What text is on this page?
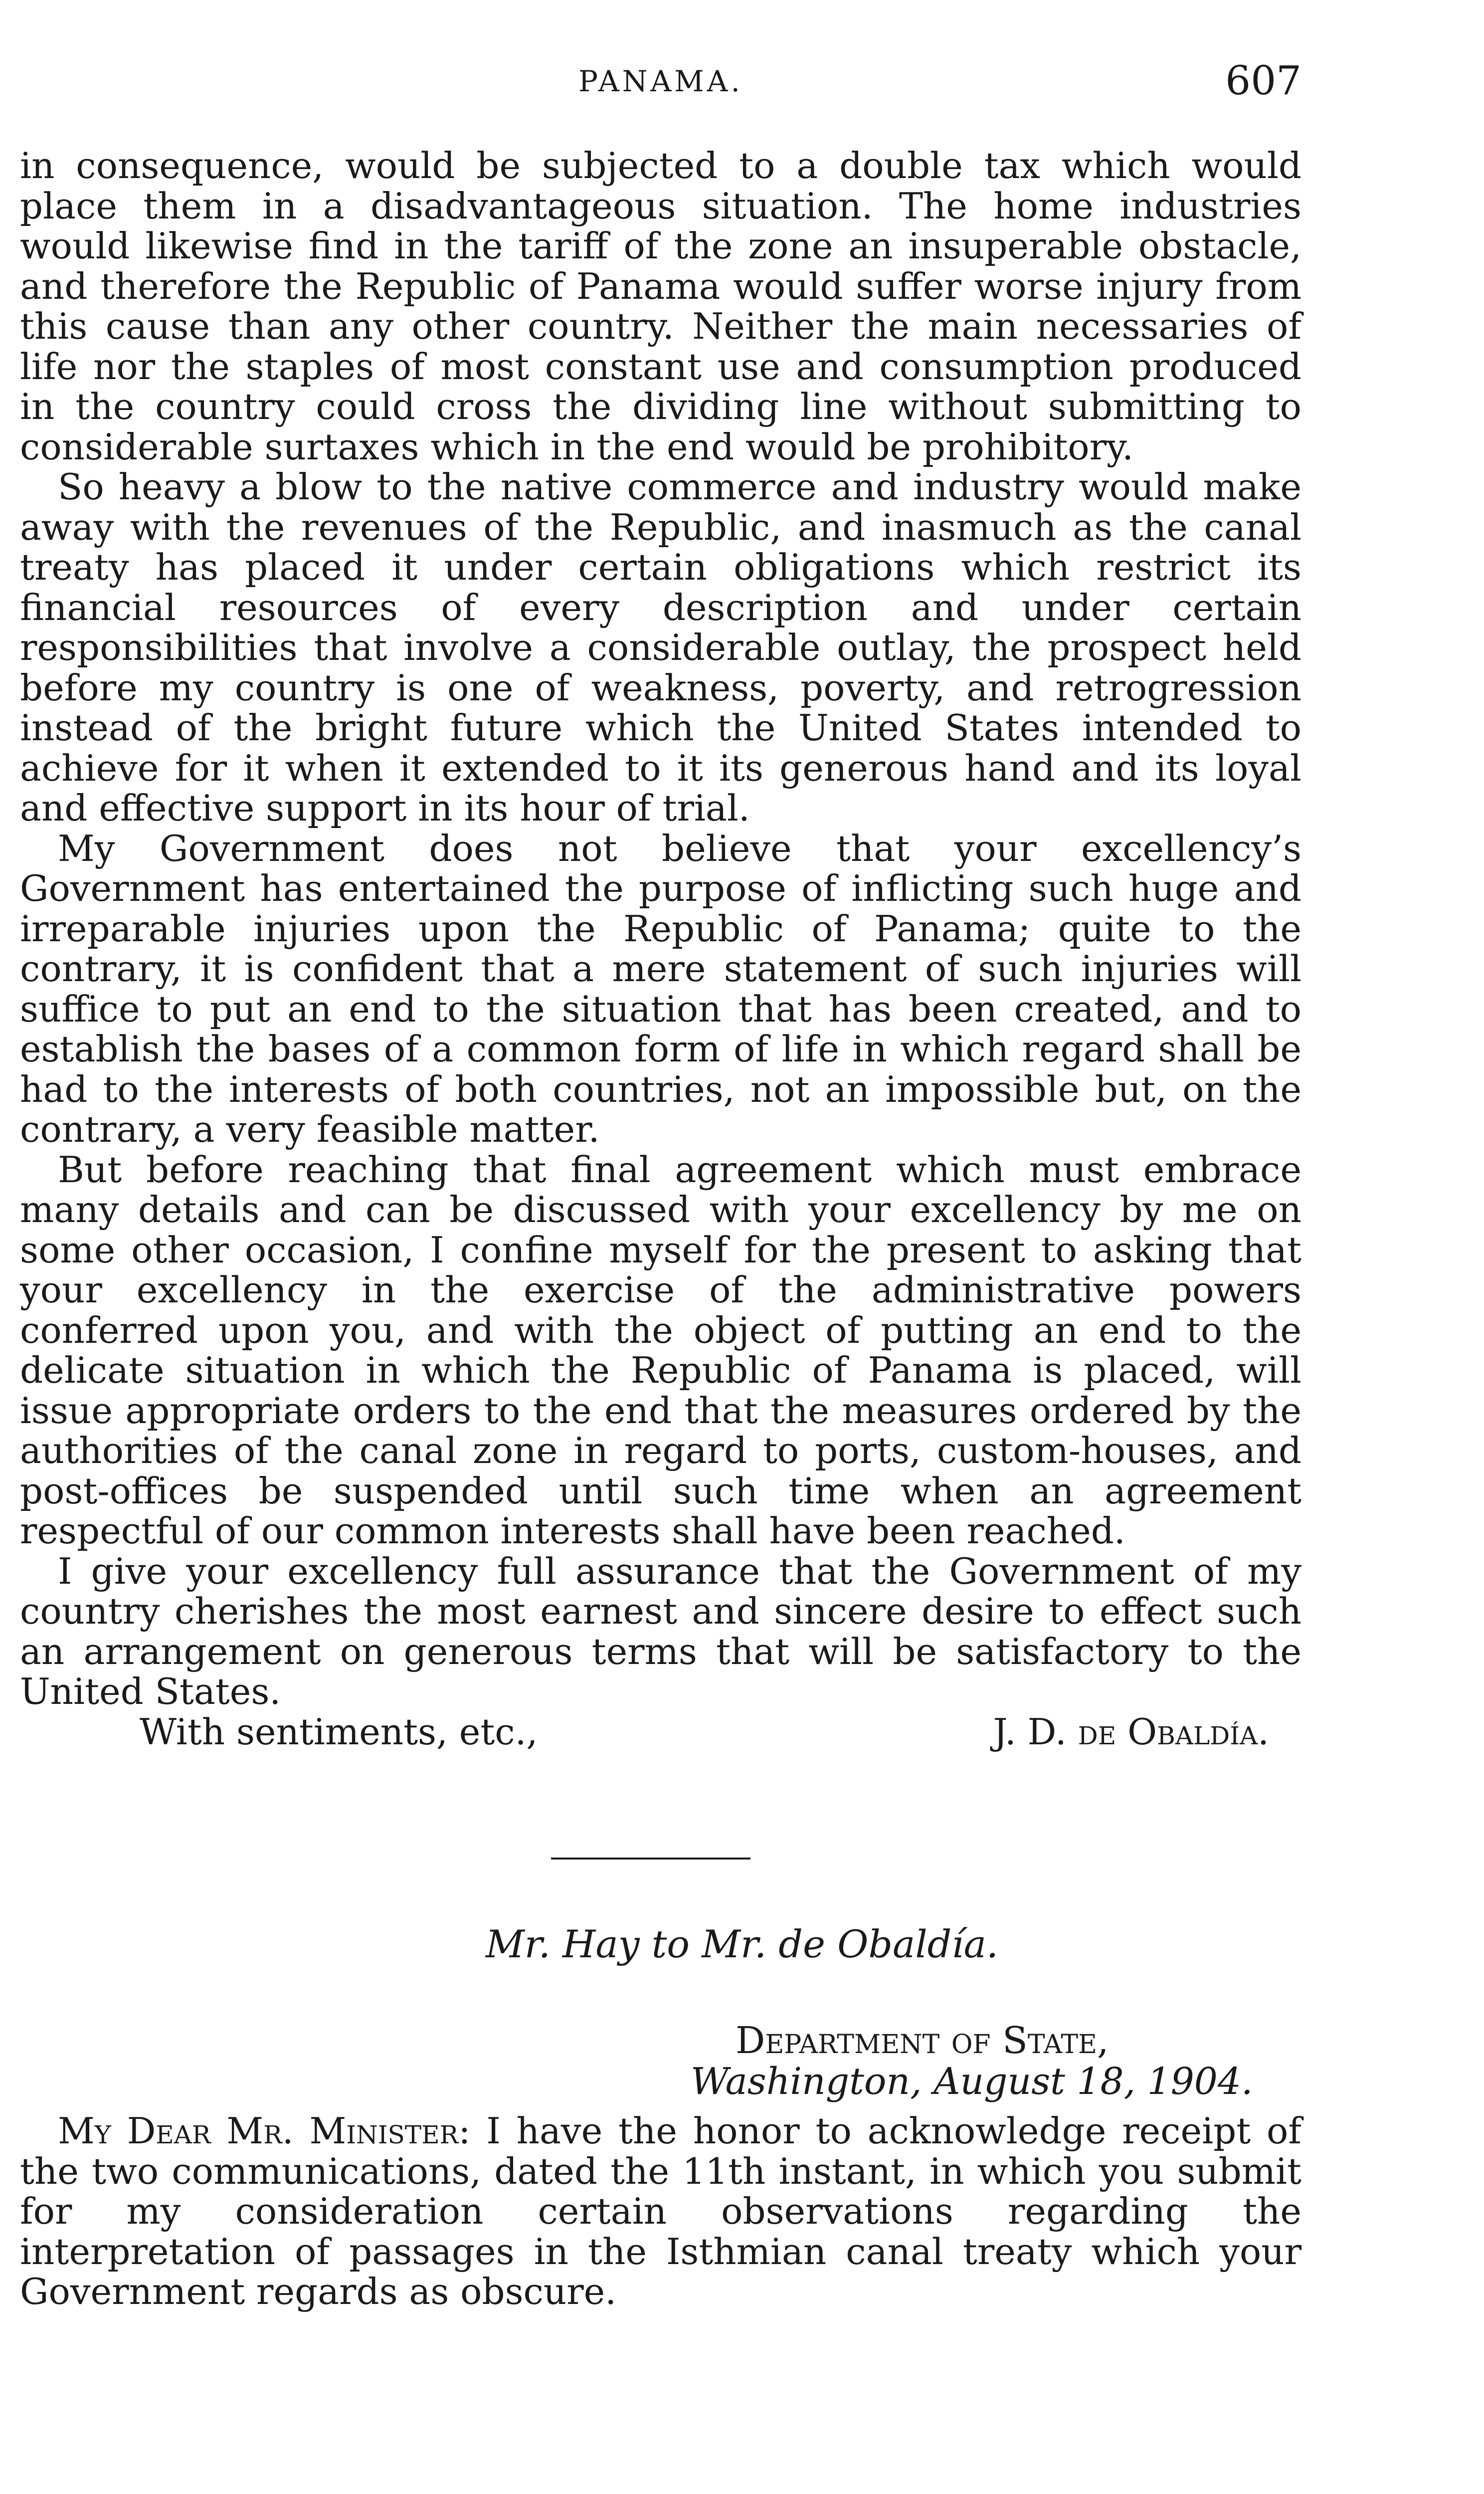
PANAMA.	607

in consequence, would be subjected to a double tax which would place them in a disadvantageous situation. The home industries would likewise find in the tariff of the zone an insuperable obstacle, and therefore the Republic of Panama would suffer worse injury from this cause than any other country. Neither the main necessaries of life nor the staples of most constant use and consumption produced in the country could cross the dividing line without submitting to considerable surtaxes which in the end would be prohibitory.

So heavy a blow to the native commerce and industry would make away with the revenues of the Republic, and inasmuch as the canal treaty has placed it under certain obligations which restrict its financial resources of every description and under certain responsibilities that involve a considerable outlay, the prospect held before my country is one of weakness, poverty, and retrogression instead of the bright future which the United States intended to achieve for it when it extended to it its generous hand and its loyal and effective support in its hour of trial.

My Government does not believe that your excellency’s Government has entertained the purpose of inflicting such huge and irreparable injuries upon the Republic of Panama; quite to the contrary, it is confident that a mere statement of such injuries will suffice to put an end to the situation that has been created, and to establish the bases of a common form of life in which regard shall be had to the interests of both countries, not an impossible but, on the contrary, a very feasible matter.

But before reaching that final agreement which must embrace many details and can be discussed with your excellency by me on some other occasion, I confine myself for the present to asking that your excellency in the exercise of the administrative powers conferred upon you, and with the object of putting an end to the delicate situation in which the Republic of Panama is placed, will issue appropriate orders to the end that the measures ordered by the authorities of the canal zone in regard to ports, custom-houses, and post-offices be suspended until such time when an agreement respectful of our common interests shall have been reached.

I give your excellency full assurance that the Government of my country cherishes the most earnest and sincere desire to effect such an arrangement on generous terms that will be satisfactory to the United States.

With sentiments, etc.,	J. D. de Obaldía.
Mr. Hay to Mr. de Obaldía.
Department of State,
Washington, August 18, 1904.

My Dear Mr. Minister: I have the honor to acknowledge receipt of the two communications, dated the 11th instant, in which you submit for my consideration certain observations regarding the interpretation of passages in the Isthmian canal treaty which your Government regards as obscure.
